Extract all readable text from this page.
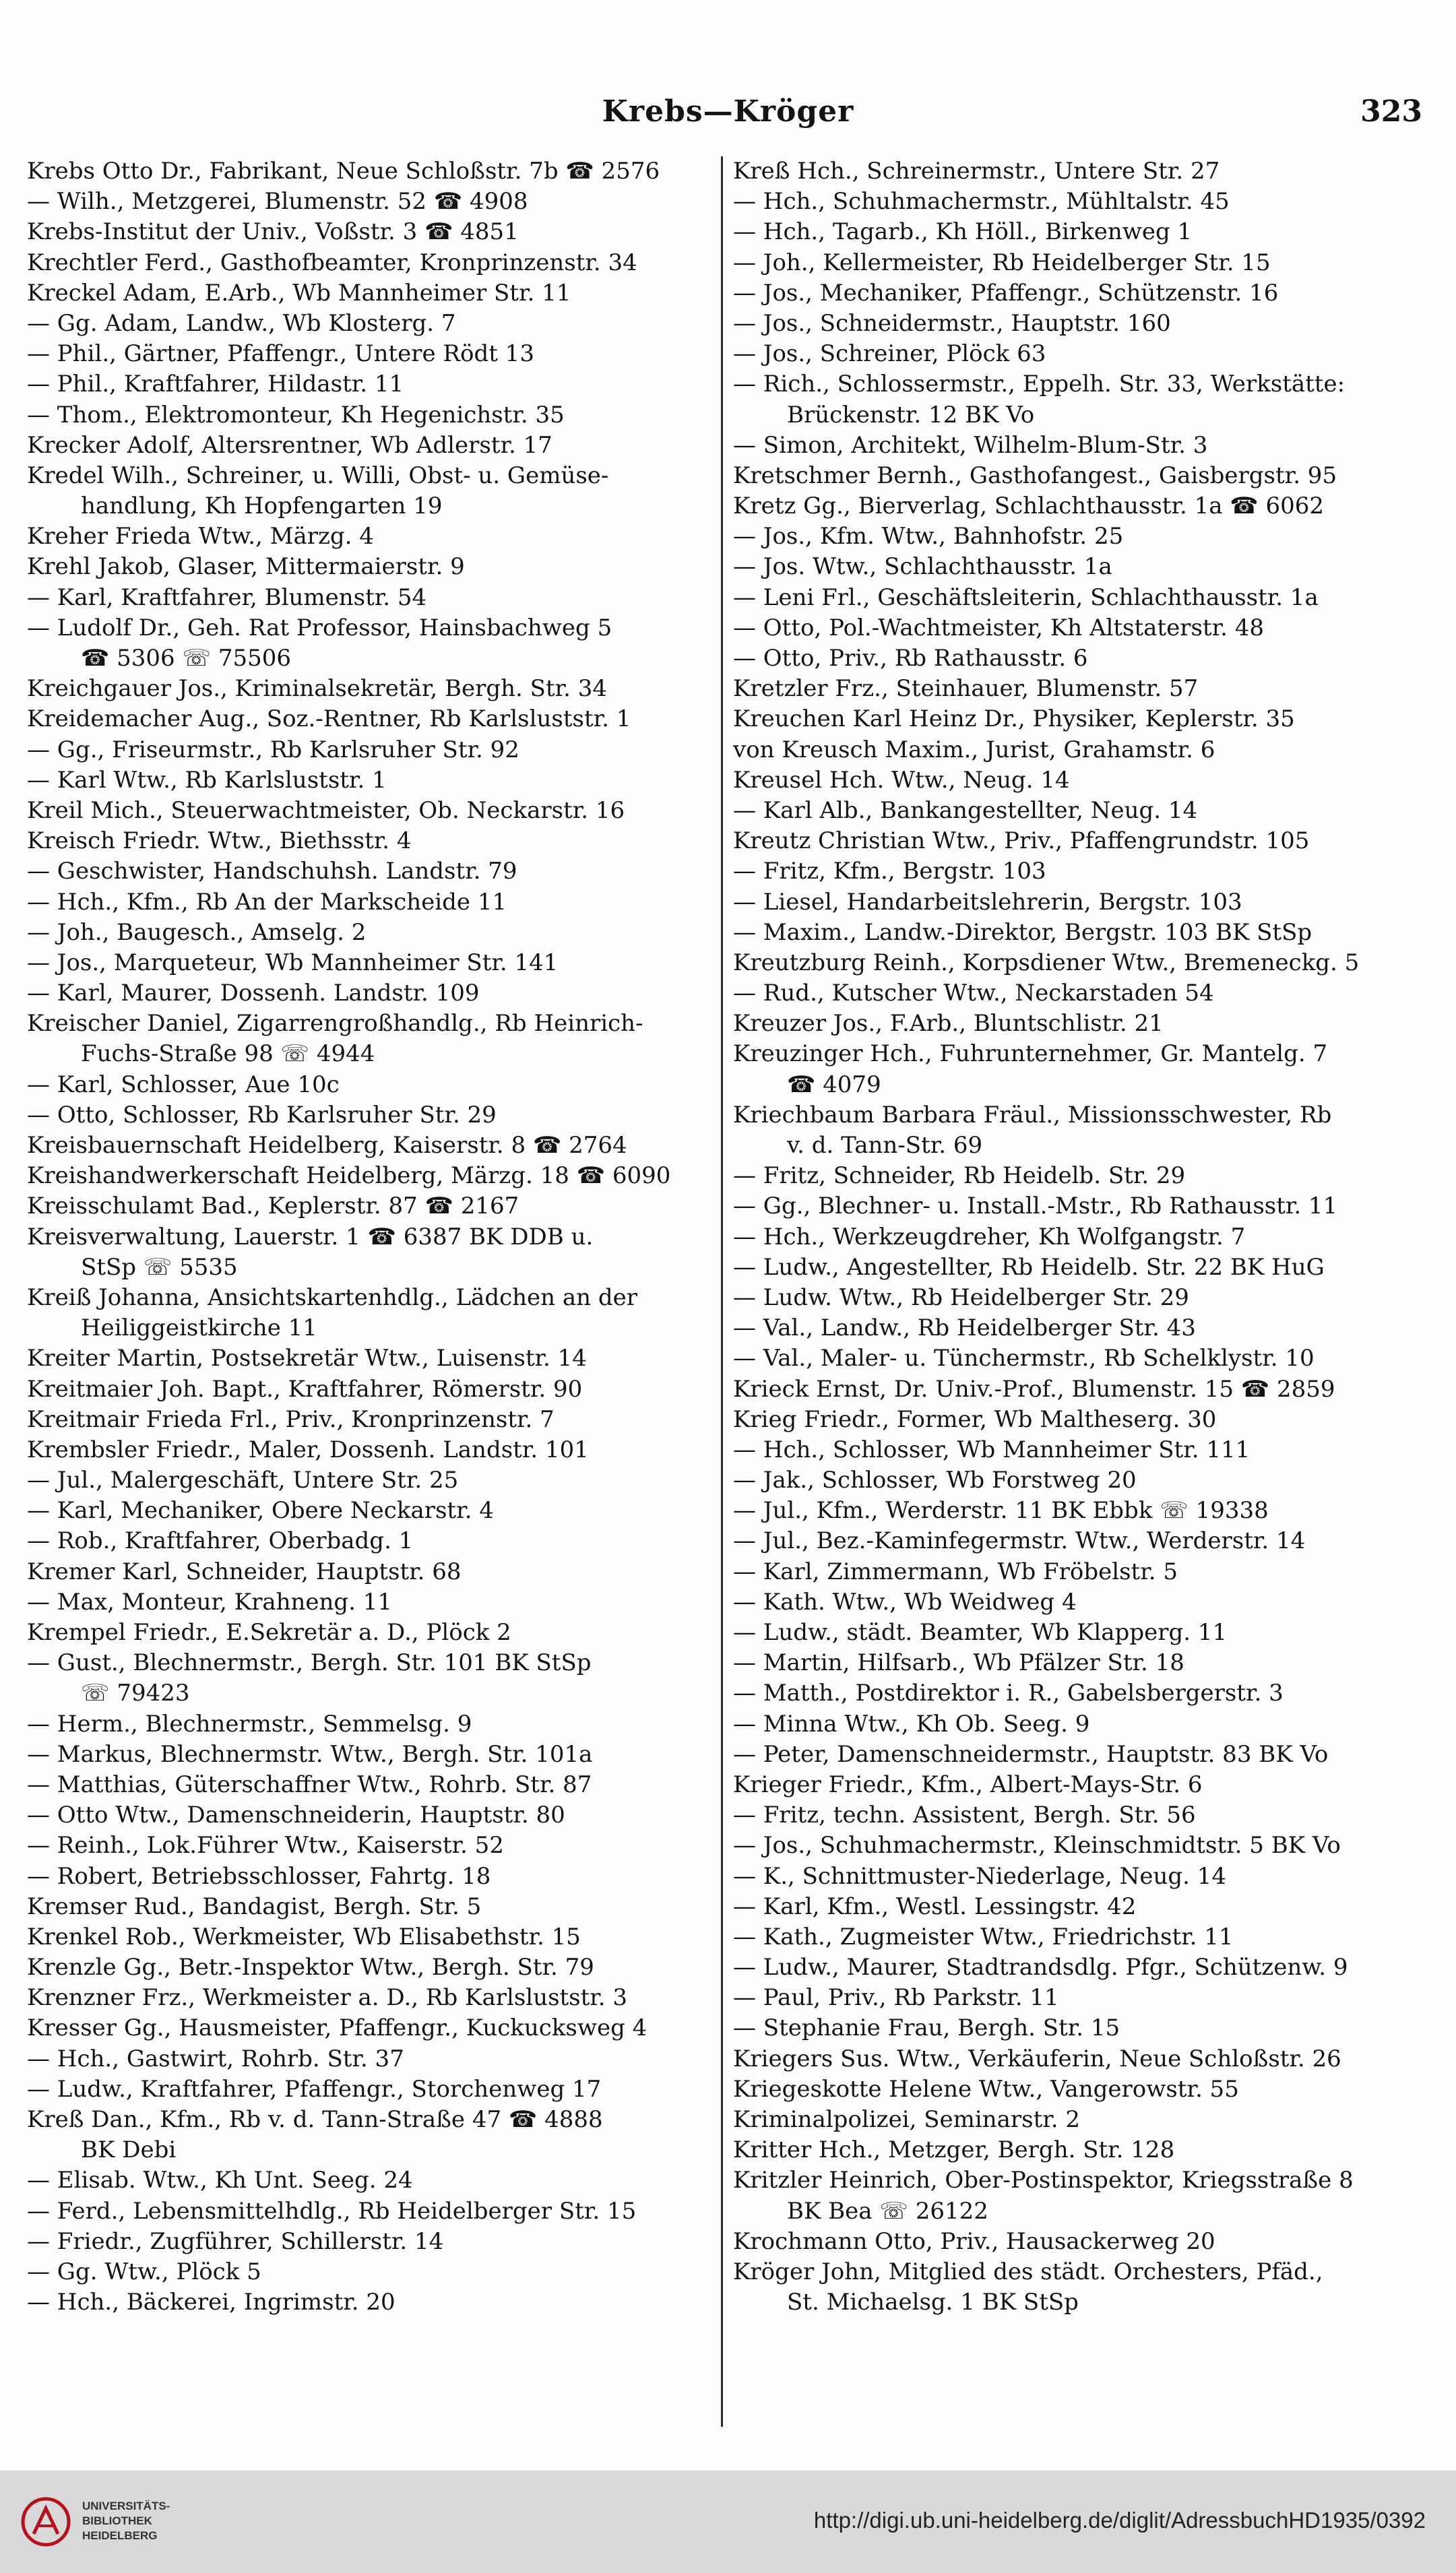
Krebs—Kröger	323
Krebs Otto Dr., Fabrikant, Neue Schloßstr. 7b ☎ 2576
— Wilh., Metzgerei, Blumenstr. 52 ☎ 4908
Krebs-Institut der Univ., Voßstr. 3 ☎ 4851
Krechtler Ferd., Gasthofbeamter, Kronprinzenstr. 34
Kreckel Adam, E.Arb., Wb Mannheimer Str. 11
— Gg. Adam, Landw., Wb Klosterg. 7
— Phil., Gärtner, Pfaffengr., Untere Rödt 13
— Phil., Kraftfahrer, Hildastr. 11
— Thom., Elektromonteur, Kh Hegenichstr. 35
Krecker Adolf, Altersrentner, Wb Adlerstr. 17
Kredel Wilh., Schreiner, u. Willi, Obst- u. Gemüse-
handlung, Kh Hopfengarten 19
Kreher Frieda Wtw., Märzg. 4
Krehl Jakob, Glaser, Mittermaierstr. 9
— Karl, Kraftfahrer, Blumenstr. 54
— Ludolf Dr., Geh. Rat Professor, Hainsbachweg 5
☎ 5306 ☏ 75506
Kreichgauer Jos., Kriminalsekretär, Bergh. Str. 34
Kreidemacher Aug., Soz.-Rentner, Rb Karlsluststr. 1
— Gg., Friseurmstr., Rb Karlsruher Str. 92
— Karl Wtw., Rb Karlsluststr. 1
Kreil Mich., Steuerwachtmeister, Ob. Neckarstr. 16
Kreisch Friedr. Wtw., Biethsstr. 4
— Geschwister, Handschuhsh. Landstr. 79
— Hch., Kfm., Rb An der Markscheide 11
— Joh., Baugesch., Amselg. 2
— Jos., Marqueteur, Wb Mannheimer Str. 141
— Karl, Maurer, Dossenh. Landstr. 109
Kreischer Daniel, Zigarrengroßhandlg., Rb Heinrich-
Fuchs-Straße 98 ☏ 4944
— Karl, Schlosser, Aue 10c
— Otto, Schlosser, Rb Karlsruher Str. 29
Kreisbauernschaft Heidelberg, Kaiserstr. 8 ☎ 2764
Kreishandwerkerschaft Heidelberg, Märzg. 18 ☎ 6090
Kreisschulamt Bad., Keplerstr. 87 ☎ 2167
Kreisverwaltung, Lauerstr. 1 ☎ 6387 BK DDB u.
StSp ☏ 5535
Kreiß Johanna, Ansichtskartenhdlg., Lädchen an der
Heiliggeistkirche 11
Kreiter Martin, Postsekretär Wtw., Luisenstr. 14
Kreitmaier Joh. Bapt., Kraftfahrer, Römerstr. 90
Kreitmair Frieda Frl., Priv., Kronprinzenstr. 7
Krembsler Friedr., Maler, Dossenh. Landstr. 101
— Jul., Malergeschäft, Untere Str. 25
— Karl, Mechaniker, Obere Neckarstr. 4
— Rob., Kraftfahrer, Oberbadg. 1
Kremer Karl, Schneider, Hauptstr. 68
— Max, Monteur, Krahneng. 11
Krempel Friedr., E.Sekretär a. D., Plöck 2
— Gust., Blechnermstr., Bergh. Str. 101 BK StSp
☏ 79423
— Herm., Blechnermstr., Semmelsg. 9
— Markus, Blechnermstr. Wtw., Bergh. Str. 101a
— Matthias, Güterschaffner Wtw., Rohrb. Str. 87
— Otto Wtw., Damenschneiderin, Hauptstr. 80
— Reinh., Lok.Führer Wtw., Kaiserstr. 52
— Robert, Betriebsschlosser, Fahrtg. 18
Kremser Rud., Bandagist, Bergh. Str. 5
Krenkel Rob., Werkmeister, Wb Elisabethstr. 15
Krenzle Gg., Betr.-Inspektor Wtw., Bergh. Str. 79
Krenzner Frz., Werkmeister a. D., Rb Karlsluststr. 3
Kresser Gg., Hausmeister, Pfaffengr., Kuckucksweg 4
— Hch., Gastwirt, Rohrb. Str. 37
— Ludw., Kraftfahrer, Pfaffengr., Storchenweg 17
Kreß Dan., Kfm., Rb v. d. Tann-Straße 47 ☎ 4888
BK Debi
— Elisab. Wtw., Kh Unt. Seeg. 24
— Ferd., Lebensmittelhdlg., Rb Heidelberger Str. 15
— Friedr., Zugführer, Schillerstr. 14
— Gg. Wtw., Plöck 5
— Hch., Bäckerei, Ingrimstr. 20
Kreß Hch., Schreinermstr., Untere Str. 27
— Hch., Schuhmachermstr., Mühltalstr. 45
— Hch., Tagarb., Kh Höll., Birkenweg 1
— Joh., Kellermeister, Rb Heidelberger Str. 15
— Jos., Mechaniker, Pfaffengr., Schützenstr. 16
— Jos., Schneidermstr., Hauptstr. 160
— Jos., Schreiner, Plöck 63
— Rich., Schlossermstr., Eppelh. Str. 33, Werkstätte:
Brückenstr. 12 BK Vo
— Simon, Architekt, Wilhelm-Blum-Str. 3
Kretschmer Bernh., Gasthofangest., Gaisbergstr. 95
Kretz Gg., Bierverlag, Schlachthausstr. 1a ☎ 6062
— Jos., Kfm. Wtw., Bahnhofstr. 25
— Jos. Wtw., Schlachthausstr. 1a
— Leni Frl., Geschäftsleiterin, Schlachthausstr. 1a
— Otto, Pol.-Wachtmeister, Kh Altstaterstr. 48
— Otto, Priv., Rb Rathausstr. 6
Kretzler Frz., Steinhauer, Blumenstr. 57
Kreuchen Karl Heinz Dr., Physiker, Keplerstr. 35
von Kreusch Maxim., Jurist, Grahamstr. 6
Kreusel Hch. Wtw., Neug. 14
— Karl Alb., Bankangestellter, Neug. 14
Kreutz Christian Wtw., Priv., Pfaffengrundstr. 105
— Fritz, Kfm., Bergstr. 103
— Liesel, Handarbeitslehrerin, Bergstr. 103
— Maxim., Landw.-Direktor, Bergstr. 103 BK StSp
Kreutzburg Reinh., Korpsdiener Wtw., Bremeneckg. 5
— Rud., Kutscher Wtw., Neckarstaden 54
Kreuzer Jos., F.Arb., Bluntschlistr. 21
Kreuzinger Hch., Fuhrunternehmer, Gr. Mantelg. 7
☎ 4079
Kriechbaum Barbara Fräul., Missionsschwester, Rb
v. d. Tann-Str. 69
— Fritz, Schneider, Rb Heidelb. Str. 29
— Gg., Blechner- u. Install.-Mstr., Rb Rathausstr. 11
— Hch., Werkzeugdreher, Kh Wolfgangstr. 7
— Ludw., Angestellter, Rb Heidelb. Str. 22 BK HuG
— Ludw. Wtw., Rb Heidelberger Str. 29
— Val., Landw., Rb Heidelberger Str. 43
— Val., Maler- u. Tünchermstr., Rb Schelklystr. 10
Krieck Ernst, Dr. Univ.-Prof., Blumenstr. 15 ☎ 2859
Krieg Friedr., Former, Wb Maltheserg. 30
— Hch., Schlosser, Wb Mannheimer Str. 111
— Jak., Schlosser, Wb Forstweg 20
— Jul., Kfm., Werderstr. 11 BK Ebbk ☏ 19338
— Jul., Bez.-Kaminfegermstr. Wtw., Werderstr. 14
— Karl, Zimmermann, Wb Fröbelstr. 5
— Kath. Wtw., Wb Weidweg 4
— Ludw., städt. Beamter, Wb Klapperg. 11
— Martin, Hilfsarb., Wb Pfälzer Str. 18
— Matth., Postdirektor i. R., Gabelsbergerstr. 3
— Minna Wtw., Kh Ob. Seeg. 9
— Peter, Damenschneidermstr., Hauptstr. 83 BK Vo
Krieger Friedr., Kfm., Albert-Mays-Str. 6
— Fritz, techn. Assistent, Bergh. Str. 56
— Jos., Schuhmachermstr., Kleinschmidtstr. 5 BK Vo
— K., Schnittmuster-Niederlage, Neug. 14
— Karl, Kfm., Westl. Lessingstr. 42
— Kath., Zugmeister Wtw., Friedrichstr. 11
— Ludw., Maurer, Stadtrandsdlg. Pfgr., Schützenw. 9
— Paul, Priv., Rb Parkstr. 11
— Stephanie Frau, Bergh. Str. 15
Kriegers Sus. Wtw., Verkäuferin, Neue Schloßstr. 26
Kriegeskotte Helene Wtw., Vangerowstr. 55
Kriminalpolizei, Seminarstr. 2
Kritter Hch., Metzger, Bergh. Str. 128
Kritzler Heinrich, Ober-Postinspektor, Kriegsstraße 8
BK Bea ☏ 26122
Krochmann Otto, Priv., Hausackerweg 20
Kröger John, Mitglied des städt. Orchesters, Pfäd.,
St. Michaelsg. 1 BK StSp
UNIVERSITÄTS-
BIBLIOTHEK
HEIDELBERG
http://digi.ub.uni-heidelberg.de/diglit/AdressbuchHD1935/0392
